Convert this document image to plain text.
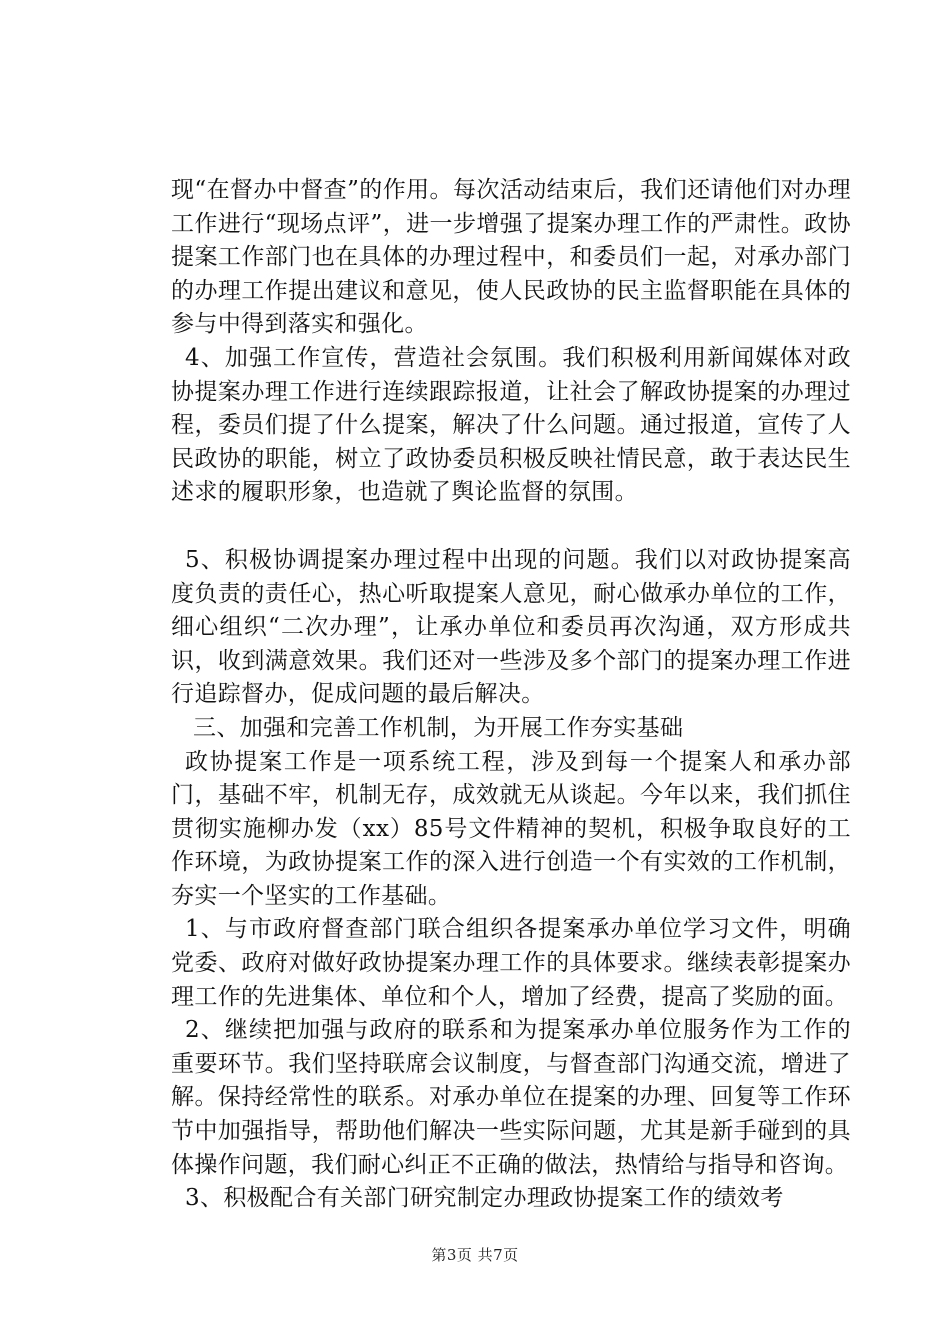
现“在督办中督查”的作用。每次活动结束后，我们还请他们对办理工作进行“现场点评”，进一步增强了提案办理工作的严肃性。政协提案工作部门也在具体的办理过程中，和委员们一起，对承办部门的办理工作提出建议和意见，使人民政协的民主监督职能在具体的参与中得到落实和强化。

4、加强工作宣传，营造社会氛围。我们积极利用新闻媒体对政协提案办理工作进行连续跟踪报道，让社会了解政协提案的办理过程，委员们提了什么提案，解决了什么问题。通过报道，宣传了人民政协的职能，树立了政协委员积极反映社情民意，敢于表达民生述求的履职形象，也造就了舆论监督的氛围。

5、积极协调提案办理过程中出现的问题。我们以对政协提案高度负责的责任心，热心听取提案人意见，耐心做承办单位的工作，细心组织“二次办理”，让承办单位和委员再次沟通，双方形成共识，收到满意效果。我们还对一些涉及多个部门的提案办理工作进行追踪督办，促成问题的最后解决。

三、加强和完善工作机制，为开展工作夯实基础

政协提案工作是一项系统工程，涉及到每一个提案人和承办部门，基础不牢，机制无存，成效就无从谈起。今年以来，我们抓住贯彻实施柳办发（xx）85号文件精神的契机，积极争取良好的工作环境，为政协提案工作的深入进行创造一个有实效的工作机制，夯实一个坚实的工作基础。

1、与市政府督查部门联合组织各提案承办单位学习文件，明确党委、政府对做好政协提案办理工作的具体要求。继续表彰提案办理工作的先进集体、单位和个人，增加了经费，提高了奖励的面。

2、继续把加强与政府的联系和为提案承办单位服务作为工作的重要环节。我们坚持联席会议制度，与督查部门沟通交流，增进了解。保持经常性的联系。对承办单位在提案的办理、回复等工作环节中加强指导，帮助他们解决一些实际问题，尤其是新手碰到的具体操作问题，我们耐心纠正不正确的做法，热情给与指导和咨询。

3、积极配合有关部门研究制定办理政协提案工作的绩效考

第3页 共7页
